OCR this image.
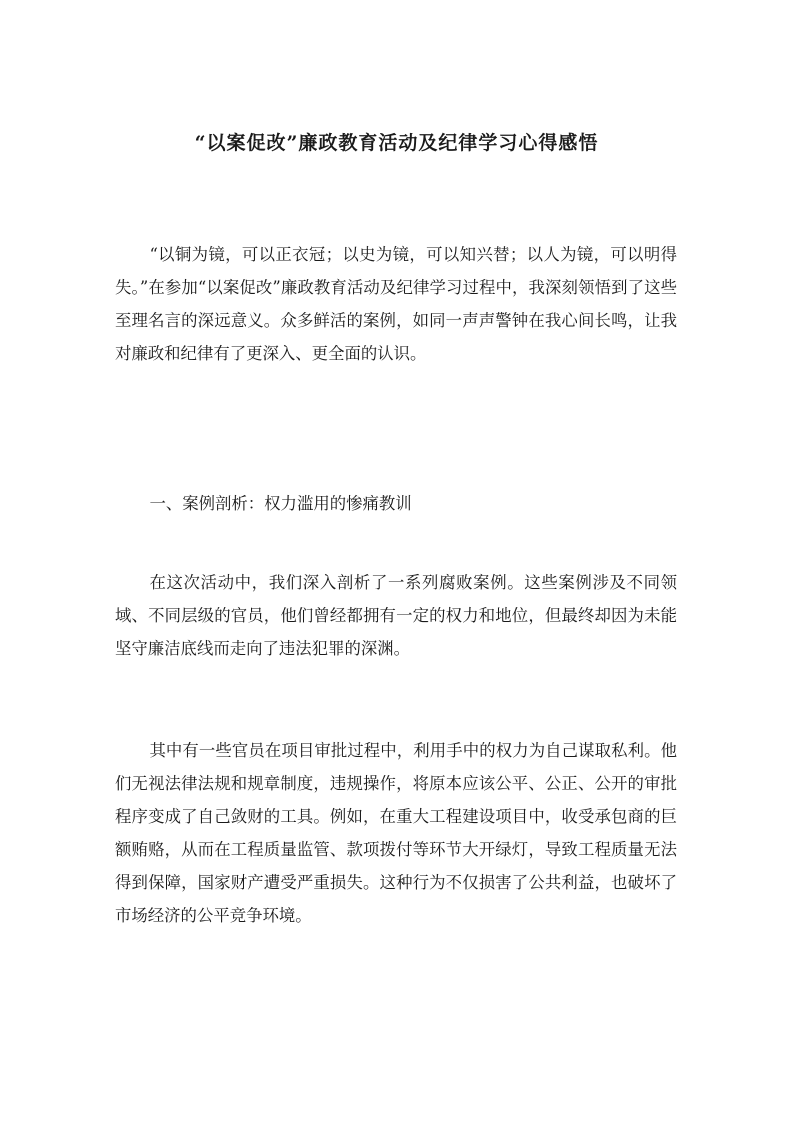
“以案促改”廉政教育活动及纪律学习心得感悟

“以铜为镜，可以正衣冠；以史为镜，可以知兴替；以人为镜，可以明得失。”在参加“以案促改”廉政教育活动及纪律学习过程中，我深刻领悟到了这些至理名言的深远意义。众多鲜活的案例，如同一声声警钟在我心间长鸣，让我对廉政和纪律有了更深入、更全面的认识。

一、案例剖析：权力滥用的惨痛教训

在这次活动中，我们深入剖析了一系列腐败案例。这些案例涉及不同领域、不同层级的官员，他们曾经都拥有一定的权力和地位，但最终却因为未能坚守廉洁底线而走向了违法犯罪的深渊。

其中有一些官员在项目审批过程中，利用手中的权力为自己谋取私利。他们无视法律法规和规章制度，违规操作，将原本应该公平、公正、公开的审批程序变成了自己敛财的工具。例如，在重大工程建设项目中，收受承包商的巨额贿赂，从而在工程质量监管、款项拨付等环节大开绿灯，导致工程质量无法得到保障，国家财产遭受严重损失。这种行为不仅损害了公共利益，也破坏了市场经济的公平竞争环境。
